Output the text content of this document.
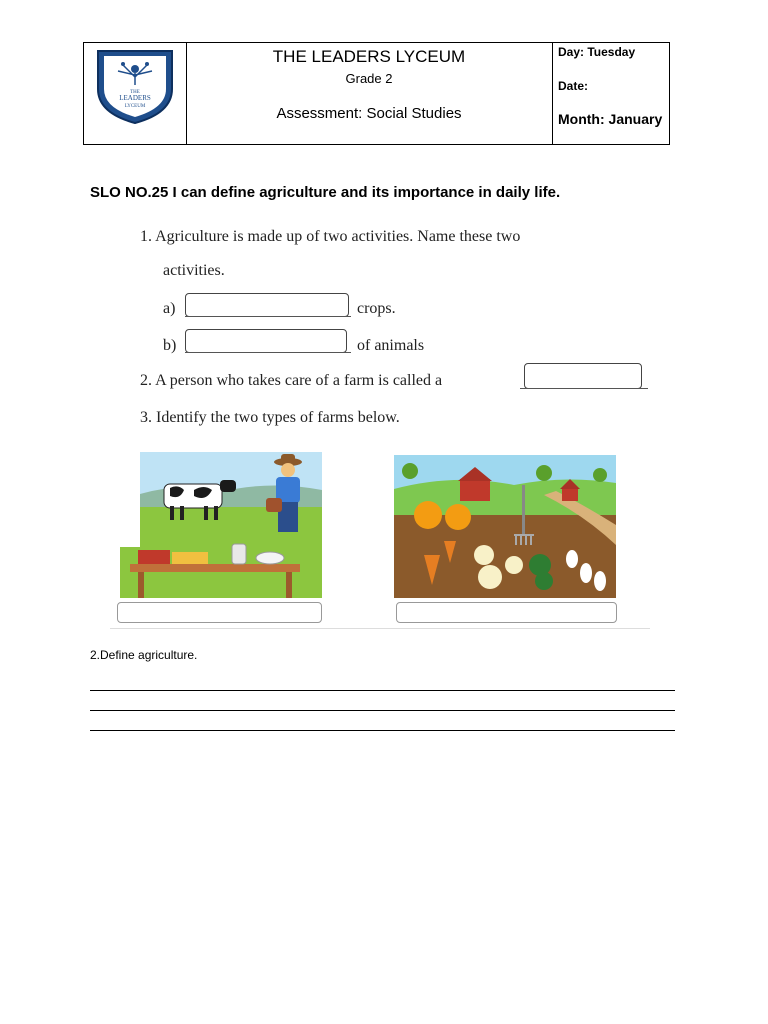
THE
LEADERS
LYCEUM
THE LEADERS LYCEUM
Grade 2
Assessment: Social Studies
Day: Tuesday
Date:
Month: January
SLO NO.25 I can define agriculture and its importance in daily life.
1. Agriculture is made up of two activities. Name these two
activities.
a)	crops.
b)	of animals
2. A person who takes care of a farm is called a
3. Identify the two types of farms below.
2.Define agriculture.
